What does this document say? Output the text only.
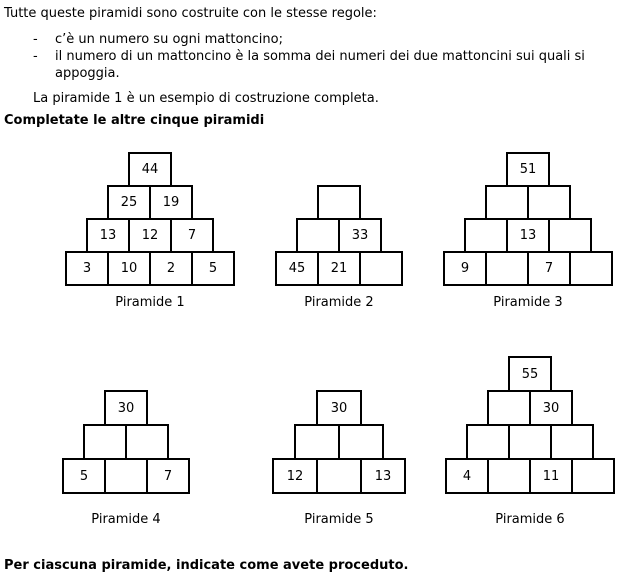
Tutte queste piramidi sono costruite con le stesse regole:
- c’è un numero su ogni mattoncino;
- il numero di un mattoncino è la somma dei numeri dei due mattoncini sui quali si
appoggia.
La piramide 1 è un esempio di costruzione completa.
Completate le altre cinque piramidi
44
25	19
13	12	7
3	10	2	5
Piramide 1
33
45	21
Piramide 2
51
13
9	7
Piramide 3
30
5	7
Piramide 4
30
12	13
Piramide 5
55
30
4	11
Piramide 6
Per ciascuna piramide, indicate come avete proceduto.
